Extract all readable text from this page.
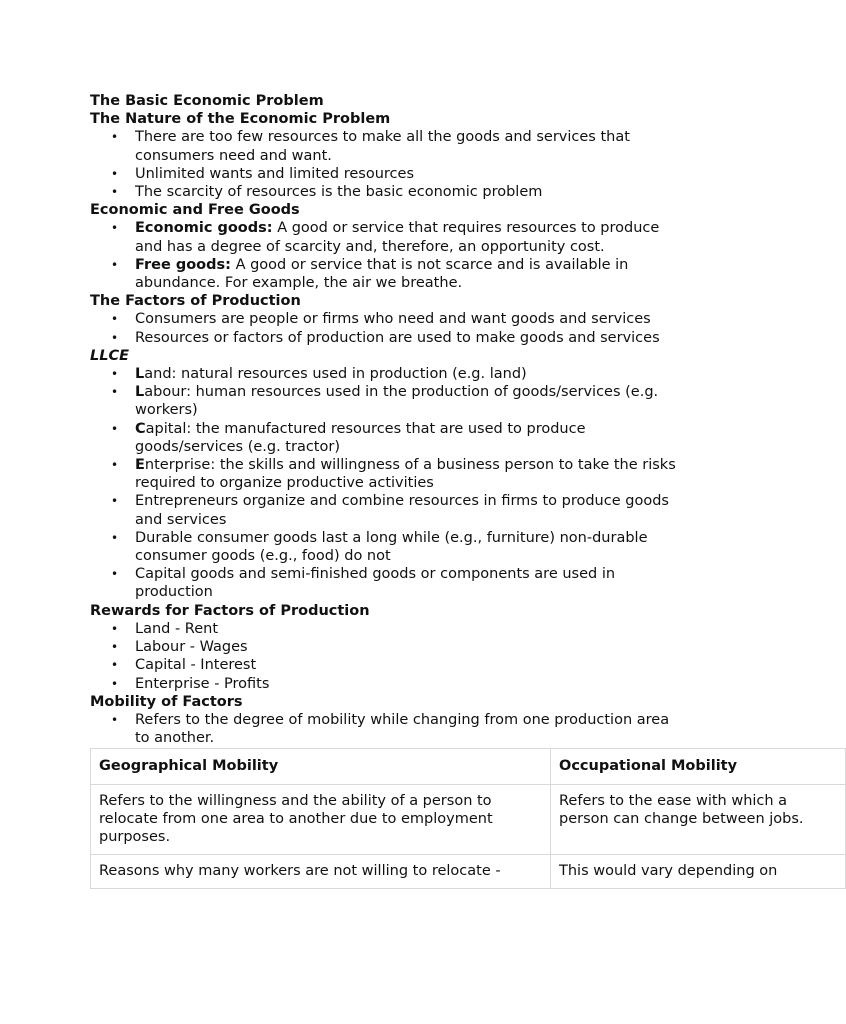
The Basic Economic Problem
The Nature of the Economic Problem
• There are too few resources to make all the goods and services that consumers need and want.
• Unlimited wants and limited resources
• The scarcity of resources is the basic economic problem
Economic and Free Goods
• Economic goods: A good or service that requires resources to produce and has a degree of scarcity and, therefore, an opportunity cost.
• Free goods: A good or service that is not scarce and is available in abundance. For example, the air we breathe.
The Factors of Production
• Consumers are people or firms who need and want goods and services
• Resources or factors of production are used to make goods and services
LLCE
• Land: natural resources used in production (e.g. land)
• Labour: human resources used in the production of goods/services (e.g. workers)
• Capital: the manufactured resources that are used to produce goods/services (e.g. tractor)
• Enterprise: the skills and willingness of a business person to take the risks required to organize productive activities
• Entrepreneurs organize and combine resources in firms to produce goods and services
• Durable consumer goods last a long while (e.g., furniture) non-durable consumer goods (e.g., food) do not
• Capital goods and semi-finished goods or components are used in production
Rewards for Factors of Production
• Land - Rent
• Labour - Wages
• Capital - Interest
• Enterprise - Profits
Mobility of Factors
• Refers to the degree of mobility while changing from one production area to another.
Geographical Mobility	Occupational Mobility
Refers to the willingness and the ability of a person to relocate from one area to another due to employment purposes.	Refers to the ease with which a person can change between jobs.
Reasons why many workers are not willing to relocate -	This would vary depending on
